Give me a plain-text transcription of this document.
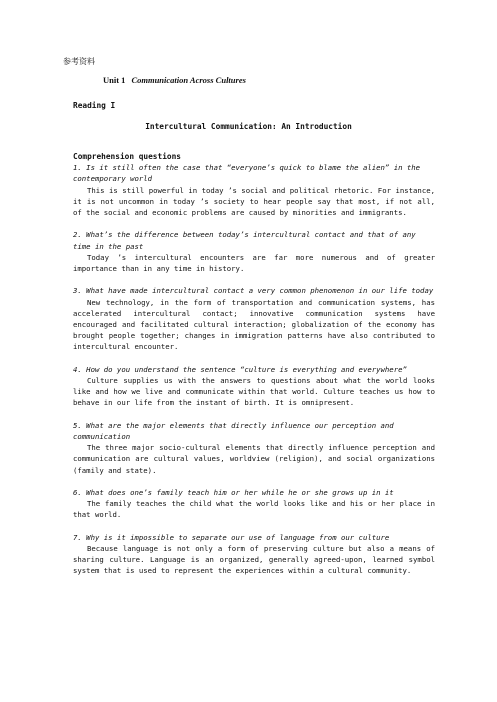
参考资料
Unit 1 Communication Across Cultures
Reading I
Intercultural Communication: An Introduction
Comprehension questions
1. Is it still often the case that “everyone’s quick to blame the alien” in the contemporary world
This is still powerful in today ’s social and political rhetoric. For instance, it is not uncommon in today ’s society to hear people say that most, if not all, of the social and economic problems are caused by minorities and immigrants.
2. What’s the difference between today’s intercultural contact and that of any time in the past
Today ’s intercultural encounters are far more numerous and of greater importance than in any time in history.
3. What have made intercultural contact a very common phenomenon in our life today
New technology, in the form of transportation and communication systems, has accelerated intercultural contact; innovative communication systems have encouraged and facilitated cultural interaction; globalization of the economy has brought people together; changes in immigration patterns have also contributed to intercultural encounter.
4. How do you understand the sentence “culture is everything and everywhere”
Culture supplies us with the answers to questions about what the world looks like and how we live and communicate within that world. Culture teaches us how to behave in our life from the instant of birth. It is omnipresent.
5. What are the major elements that directly influence our perception and communication
The three major socio-cultural elements that directly influence perception and communication are cultural values, worldview (religion), and social organizations (family and state).
6. What does one’s family teach him or her while he or she grows up in it
The family teaches the child what the world looks like and his or her place in that world.
7. Why is it impossible to separate our use of language from our culture
Because language is not only a form of preserving culture but also a means of sharing culture. Language is an organized, generally agreed-upon, learned symbol system that is used to represent the experiences within a cultural community.
